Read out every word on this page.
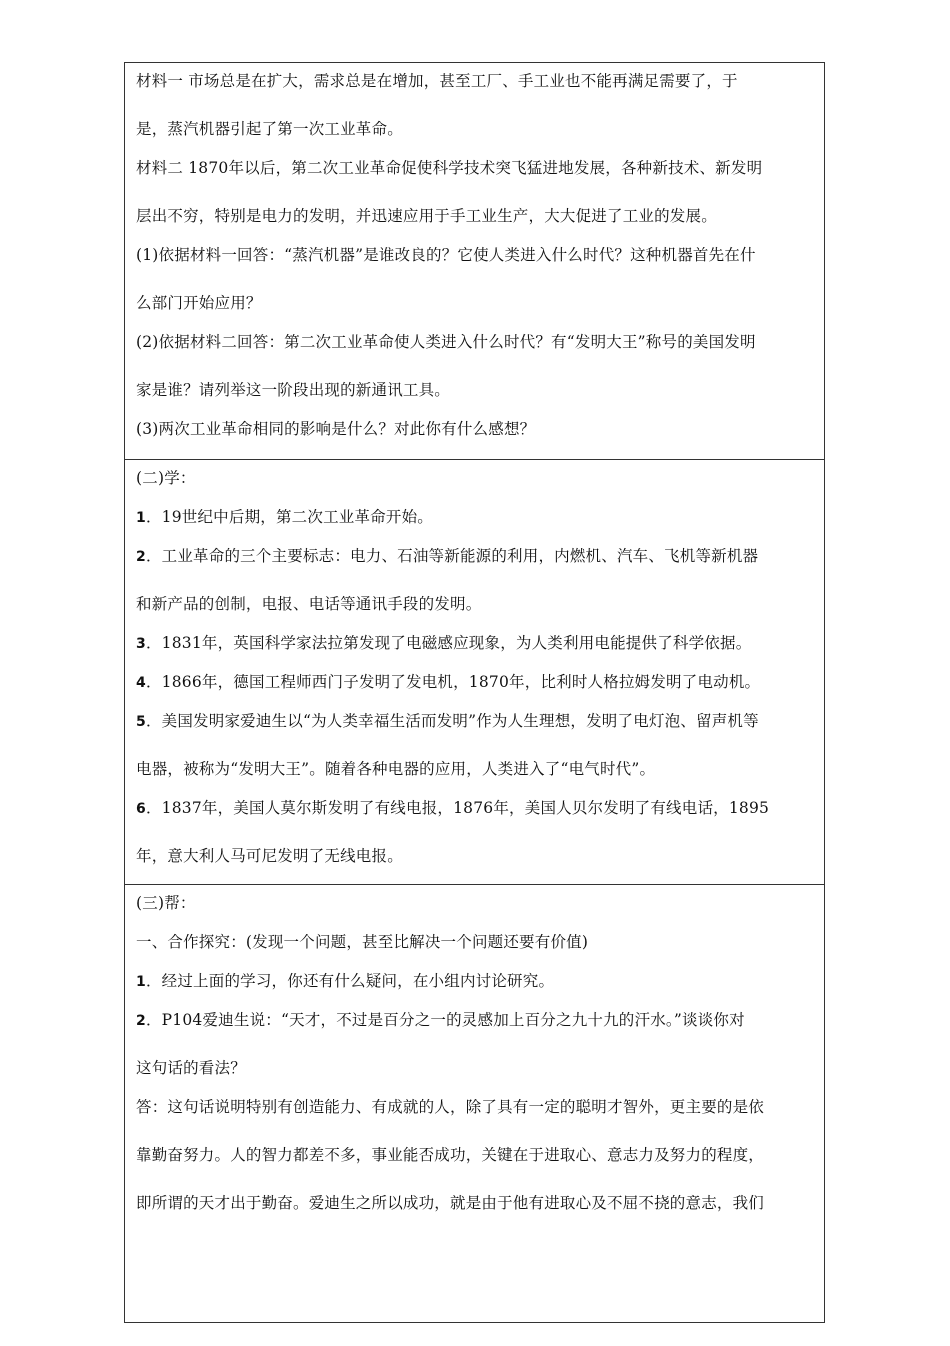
材料一 市场总是在扩大，需求总是在增加，甚至工厂、手工业也不能再满足需要了，于

是，蒸汽机器引起了第一次工业革命。

材料二 1870年以后，第二次工业革命促使科学技术突飞猛进地发展，各种新技术、新发明

层出不穷，特别是电力的发明，并迅速应用于手工业生产，大大促进了工业的发展。

(1)依据材料一回答：“蒸汽机器”是谁改良的？它使人类进入什么时代？这种机器首先在什

么部门开始应用？

(2)依据材料二回答：第二次工业革命使人类进入什么时代？有“发明大王”称号的美国发明

家是谁？请列举这一阶段出现的新通讯工具。

(3)两次工业革命相同的影响是什么？对此你有什么感想？

(二)学：

1．19世纪中后期，第二次工业革命开始。

2．工业革命的三个主要标志：电力、石油等新能源的利用，内燃机、汽车、飞机等新机器

和新产品的创制，电报、电话等通讯手段的发明。

3．1831年，英国科学家法拉第发现了电磁感应现象，为人类利用电能提供了科学依据。

4．1866年，德国工程师西门子发明了发电机，1870年，比利时人格拉姆发明了电动机。

5．美国发明家爱迪生以“为人类幸福生活而发明”作为人生理想，发明了电灯泡、留声机等

电器，被称为“发明大王”。随着各种电器的应用，人类进入了“电气时代”。

6．1837年，美国人莫尔斯发明了有线电报，1876年，美国人贝尔发明了有线电话，1895

年，意大利人马可尼发明了无线电报。

(三)帮：

一、合作探究：(发现一个问题，甚至比解决一个问题还要有价值)

1．经过上面的学习，你还有什么疑问，在小组内讨论研究。

2．P104爱迪生说：“天才，不过是百分之一的灵感加上百分之九十九的汗水。”谈谈你对

这句话的看法？

答：这句话说明特别有创造能力、有成就的人，除了具有一定的聪明才智外，更主要的是依

靠勤奋努力。人的智力都差不多，事业能否成功，关键在于进取心、意志力及努力的程度，

即所谓的天才出于勤奋。爱迪生之所以成功，就是由于他有进取心及不屈不挠的意志，我们
